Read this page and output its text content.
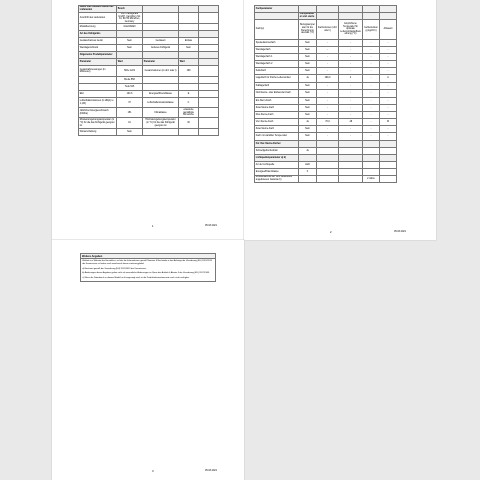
Name oder Handels-marke des Lieferanten	Bosch			
Anschrift des Lieferanten	BSH Hausgeräte GmbH, Carl-Wery-Str. 34, 81739 München, Germany			
Modellkennung	GIL22AFE0			
Art des Kühlgeräts				
Geräuscharmes Gerät	Nein	Geräteart	Einbau	
Weinlagerschrank	Nein	Anderes Kühlgerät	Nein	
Allgemeine Produktparameter				
Parameter	Wert	Parameter	Wert	
Gesamtabmessungen (in Millimeter)	Höhe 1221	Gesamtvolumen (in dm³ oder l)	199	
	Breite 558			
	Tiefe 545			
EEI	104.6	Energieeffizienzklasse	E	
Luftschallemissionen (in dB(A) re 1 pW)	37	Luftschallemissionsklasse	C	
Jährlicher Energieverbrauch (kWh/a)	151	Klimaklasse	erweiterte gemäßigte Klimazone	
Mindestumgebungstemperatur (in °C) für die das Kühlgerät geeignet ist	10	Höchstumgebungstemperatur (in °C) für die das Kühlgerät geeignet ist	32	
Winterschaltung	Nein			
1	05.03.2021
Fachparameter					
	Fachparameter und -werte				
Fachtyp	Bezugstemperatur für die Berechnung des EEI (°C)	Fachvolumen (dm³ oder l)	Empfohlene Temperatur für optimale Lebensmittelaufbewahrung (°C)	Gefrierleistung (kg/24 h)	Abtauart
Speisekammerfach	Nein	-	-	-	-
Weinlagerfach	Nein	-	-	-	-
Weinlagerfach 1	Nein	-	-	-	-
Weinlagerfach 2	Nein	-	-	-	-
Kellerfach	Nein	-	-	-	-
Lagerfach für frische Lebensmittel	Ja	199,0	4	-	A
Kaltlagerfach	Nein	-	-	-	-
Null-Sterne- oder Eisbereiter-Fach	Nein	-	-	-	-
Ein-Stern-Fach	Nein	-	-	-	-
Zwei-Sterne-Fach	Nein	-	-	-	-
Drei-Sterne-Fach	Nein	-	-	-	-
Vier-Sterne-Fach	Ja	70,0	-18	-	M
Zwei-Sterne-Fach	Nein	-	-	-	-
Fach mit variabler Tempe-ratur	Nein	-	-	-	-
Für Vier-Sterne-Fächer					
Schnellgefrierfunktion	Ja				
Lichtquellenparameter a) b)					
Art der Lichtquelle	LED				
Energieeffizienzklasse	F				
Mindestlaufzeit der vom Lieferanten angebotenen Garantie b)				2 Jahre	
2	05.03.2021
Weitere Angaben

Weblink zur Website des Herstellers, auf der die Informationen gemäß Nummer 4 Buchstabe a des Anhangs der Verordnung (EU) 2019/2019 der Kommission zu finden sind: www.bosch-home.com/energylabel

a) Bestimmt gemäß der Verordnung (EU) 2019/2019 der Kommission.

b) Änderungen dieser Angaben gelten nicht als wesentliche Änderungen im Sinne des Artikels 4 Absatz 4 der Verordnung (EU) 2017/1369.

c) Wenn die Datenbank zu diesem Modell nicht angezeigt wird, ist die Produktinformationsseite noch nicht verfügbar.

3	05.03.2021
